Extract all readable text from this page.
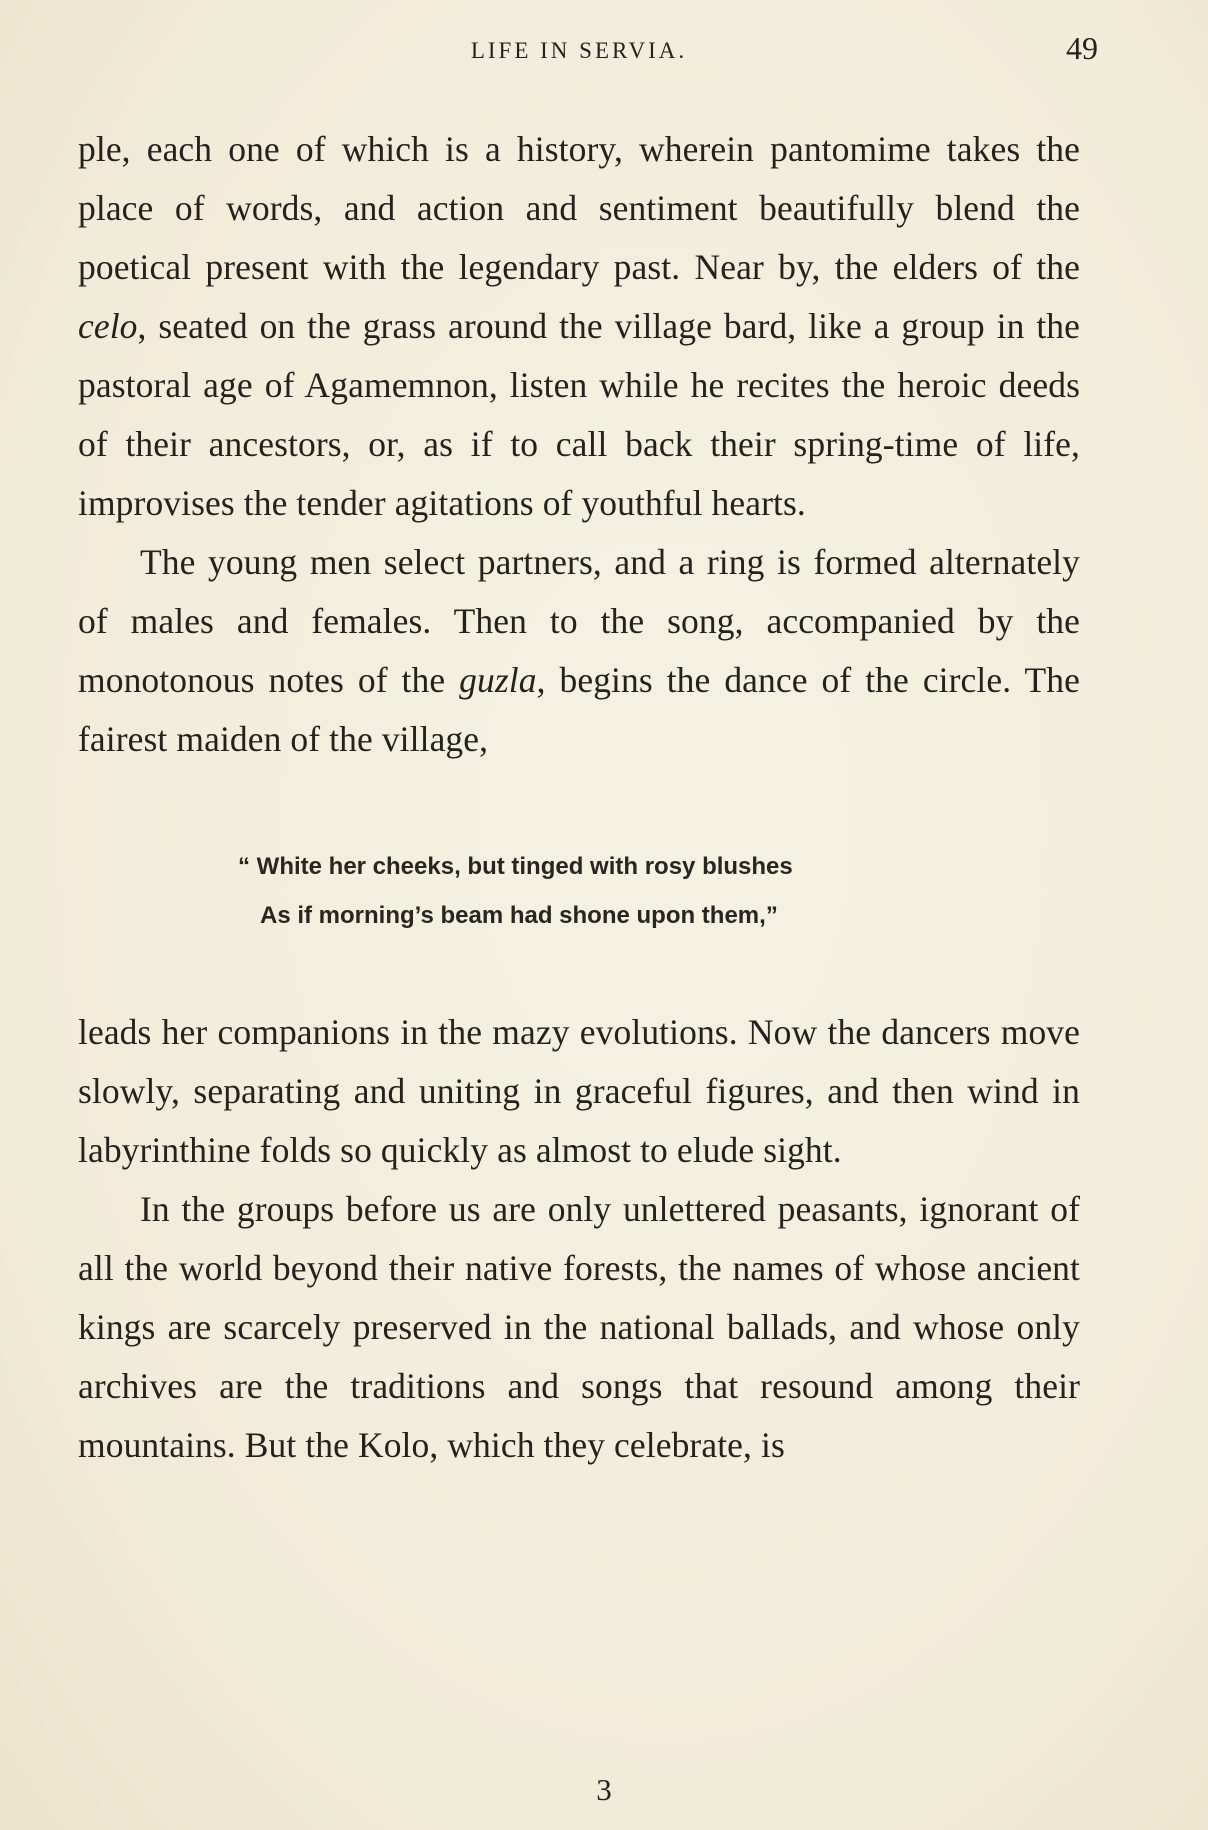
LIFE IN SERVIA.	49

ple, each one of which is a history, wherein pantomime takes the place of words, and action and sentiment beautifully blend the poetical present with the legendary past. Near by, the elders of the celo, seated on the grass around the village bard, like a group in the pastoral age of Agamemnon, listen while he recites the heroic deeds of their ancestors, or, as if to call back their spring-time of life, improvises the tender agitations of youthful hearts.

The young men select partners, and a ring is formed alternately of males and females. Then to the song, accompanied by the monotonous notes of the guzla, begins the dance of the circle. The fairest maiden of the village,

“ White her cheeks, but tinged with rosy blushes
As if morning’s beam had shone upon them,”

leads her companions in the mazy evolutions. Now the dancers move slowly, separating and uniting in graceful figures, and then wind in labyrinthine folds so quickly as almost to elude sight.

In the groups before us are only unlettered peasants, ignorant of all the world beyond their native forests, the names of whose ancient kings are scarcely preserved in the national ballads, and whose only archives are the traditions and songs that resound among their mountains. But the Kolo, which they celebrate, is

3
